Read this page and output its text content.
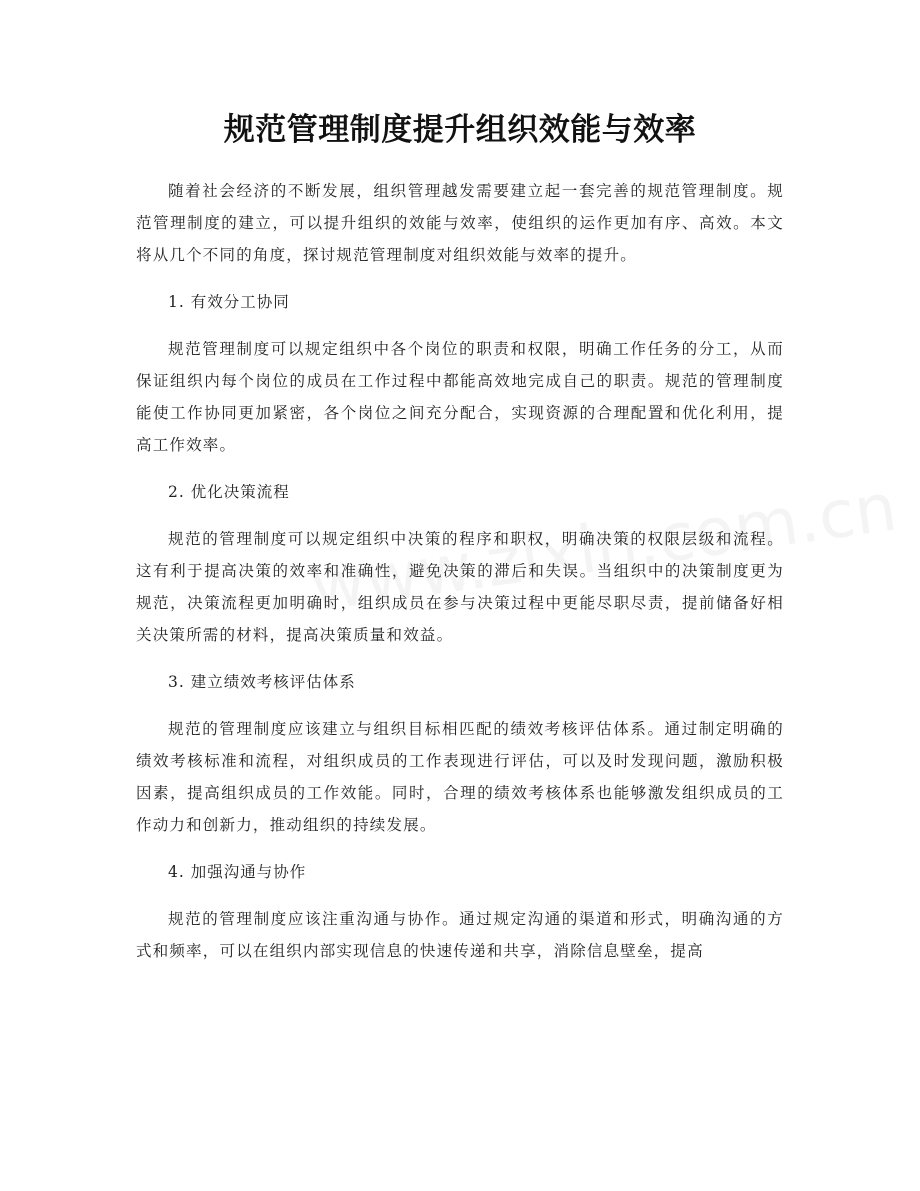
规范管理制度提升组织效能与效率

随着社会经济的不断发展，组织管理越发需要建立起一套完善的规范管理制度。规范管理制度的建立，可以提升组织的效能与效率，使组织的运作更加有序、高效。本文将从几个不同的角度，探讨规范管理制度对组织效能与效率的提升。

1. 有效分工协同

规范管理制度可以规定组织中各个岗位的职责和权限，明确工作任务的分工，从而保证组织内每个岗位的成员在工作过程中都能高效地完成自己的职责。规范的管理制度能使工作协同更加紧密，各个岗位之间充分配合，实现资源的合理配置和优化利用，提高工作效率。

2. 优化决策流程

规范的管理制度可以规定组织中决策的程序和职权，明确决策的权限层级和流程。这有利于提高决策的效率和准确性，避免决策的滞后和失误。当组织中的决策制度更为规范，决策流程更加明确时，组织成员在参与决策过程中更能尽职尽责，提前储备好相关决策所需的材料，提高决策质量和效益。

3. 建立绩效考核评估体系

规范的管理制度应该建立与组织目标相匹配的绩效考核评估体系。通过制定明确的绩效考核标准和流程，对组织成员的工作表现进行评估，可以及时发现问题，激励积极因素，提高组织成员的工作效能。同时，合理的绩效考核体系也能够激发组织成员的工作动力和创新力，推动组织的持续发展。

4. 加强沟通与协作

规范的管理制度应该注重沟通与协作。通过规定沟通的渠道和形式，明确沟通的方式和频率，可以在组织内部实现信息的快速传递和共享，消除信息壁垒，提高
